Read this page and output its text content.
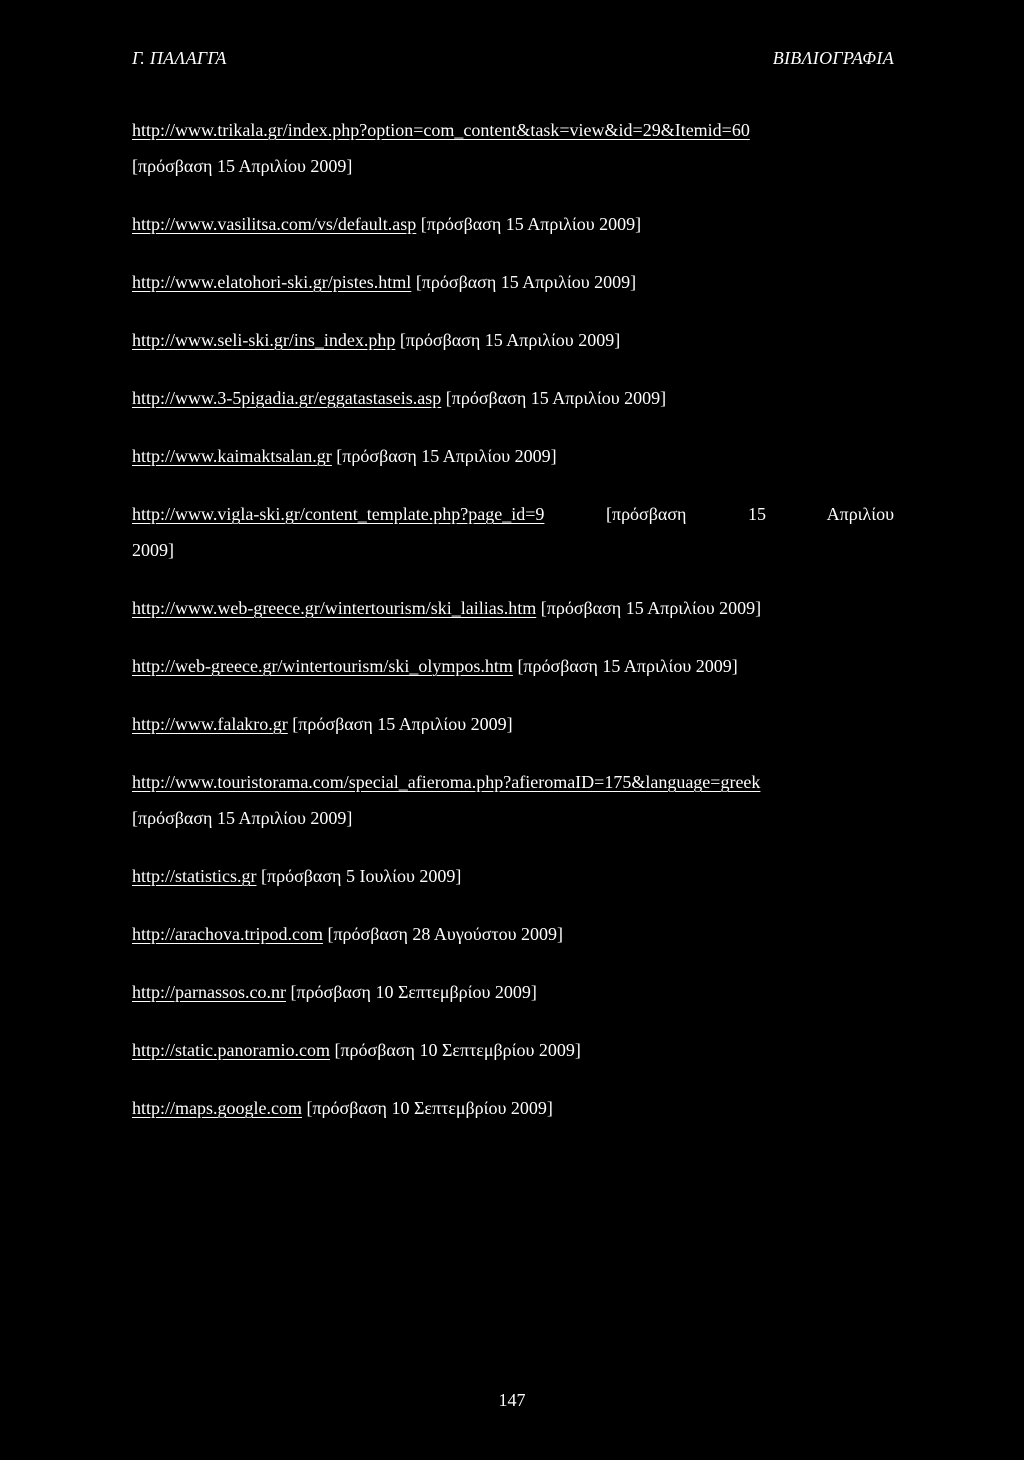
Γ. ΠΑΛΑΓΓΑ	ΒΙΒΛΙΟΓΡΑΦΙΑ
http://www.trikala.gr/index.php?option=com_content&task=view&id=29&Itemid=60
[πρόσβαση 15 Απριλίου 2009]
http://www.vasilitsa.com/vs/default.asp [πρόσβαση 15 Απριλίου 2009]
http://www.elatohori-ski.gr/pistes.html [πρόσβαση 15 Απριλίου 2009]
http://www.seli-ski.gr/ins_index.php [πρόσβαση 15 Απριλίου 2009]
http://www.3-5pigadia.gr/eggatastaseis.asp [πρόσβαση 15 Απριλίου 2009]
http://www.kaimaktsalan.gr [πρόσβαση 15 Απριλίου 2009]
http://www.vigla-ski.gr/content_template.php?page_id=9	[πρόσβαση 15 Απριλίου
2009]
http://www.web-greece.gr/wintertourism/ski_lailias.htm [πρόσβαση 15 Απριλίου 2009]
http://web-greece.gr/wintertourism/ski_olympos.htm [πρόσβαση 15 Απριλίου 2009]
http://www.falakro.gr [πρόσβαση 15 Απριλίου 2009]
http://www.touristorama.com/special_afieroma.php?afieromaID=175&language=greek
[πρόσβαση 15 Απριλίου 2009]
http://statistics.gr [πρόσβαση 5 Ιουλίου 2009]
http://arachova.tripod.com [πρόσβαση 28 Αυγούστου 2009]
http://parnassos.co.nr [πρόσβαση 10 Σεπτεμβρίου 2009]
http://static.panoramio.com [πρόσβαση 10 Σεπτεμβρίου 2009]
http://maps.google.com [πρόσβαση 10 Σεπτεμβρίου 2009]
147
